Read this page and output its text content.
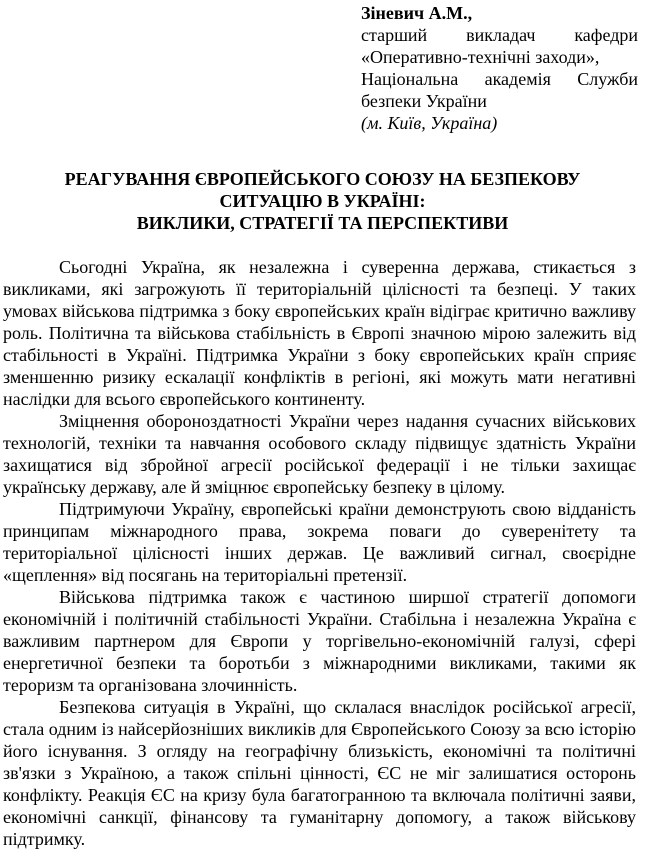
Зіневич А.М.,
старший викладач кафедри
«Оперативно-технічні заходи»,
Національна академія Служби
безпеки України
(м. Київ, Україна)
РЕАГУВАННЯ ЄВРОПЕЙСЬКОГО СОЮЗУ НА БЕЗПЕКОВУ
СИТУАЦІЮ В УКРАЇНІ:
ВИКЛИКИ, СТРАТЕГІЇ ТА ПЕРСПЕКТИВИ

Сьогодні Україна, як незалежна і суверенна держава, стикається з викликами, які загрожують її територіальній цілісності та безпеці. У таких умовах військова підтримка з боку європейських країн відіграє критично важливу роль. Політична та військова стабільність в Європі значною мірою залежить від стабільності в Україні. Підтримка України з боку європейських країн сприяє зменшенню ризику ескалації конфліктів в регіоні, які можуть мати негативні наслідки для всього європейського континенту.

Зміцнення обороноздатності України через надання сучасних військових технологій, техніки та навчання особового складу підвищує здатність України захищатися від збройної агресії російської федерації і не тільки захищає українську державу, але й зміцнює європейську безпеку в цілому.

Підтримуючи Україну, європейські країни демонструють свою відданість принципам міжнародного права, зокрема поваги до суверенітету та територіальної цілісності інших держав. Це важливий сигнал, своєрідне «щеплення» від посягань на територіальні претензії.

Військова підтримка також є частиною ширшої стратегії допомоги економічній і політичній стабільності України. Стабільна і незалежна Україна є важливим партнером для Європи у торгівельно-економічній галузі, сфері енергетичної безпеки та боротьби з міжнародними викликами, такими як тероризм та організована злочинність.

Безпекова ситуація в Україні, що склалася внаслідок російської агресії, стала одним із найсерйозніших викликів для Європейського Союзу за всю історію його існування. З огляду на географічну близькість, економічні та політичні зв'язки з Україною, а також спільні цінності, ЄС не міг залишатися осторонь конфлікту. Реакція ЄС на кризу була багатогранною та включала політичні заяви, економічні санкції, фінансову та гуманітарну допомогу, а також військову підтримку.
